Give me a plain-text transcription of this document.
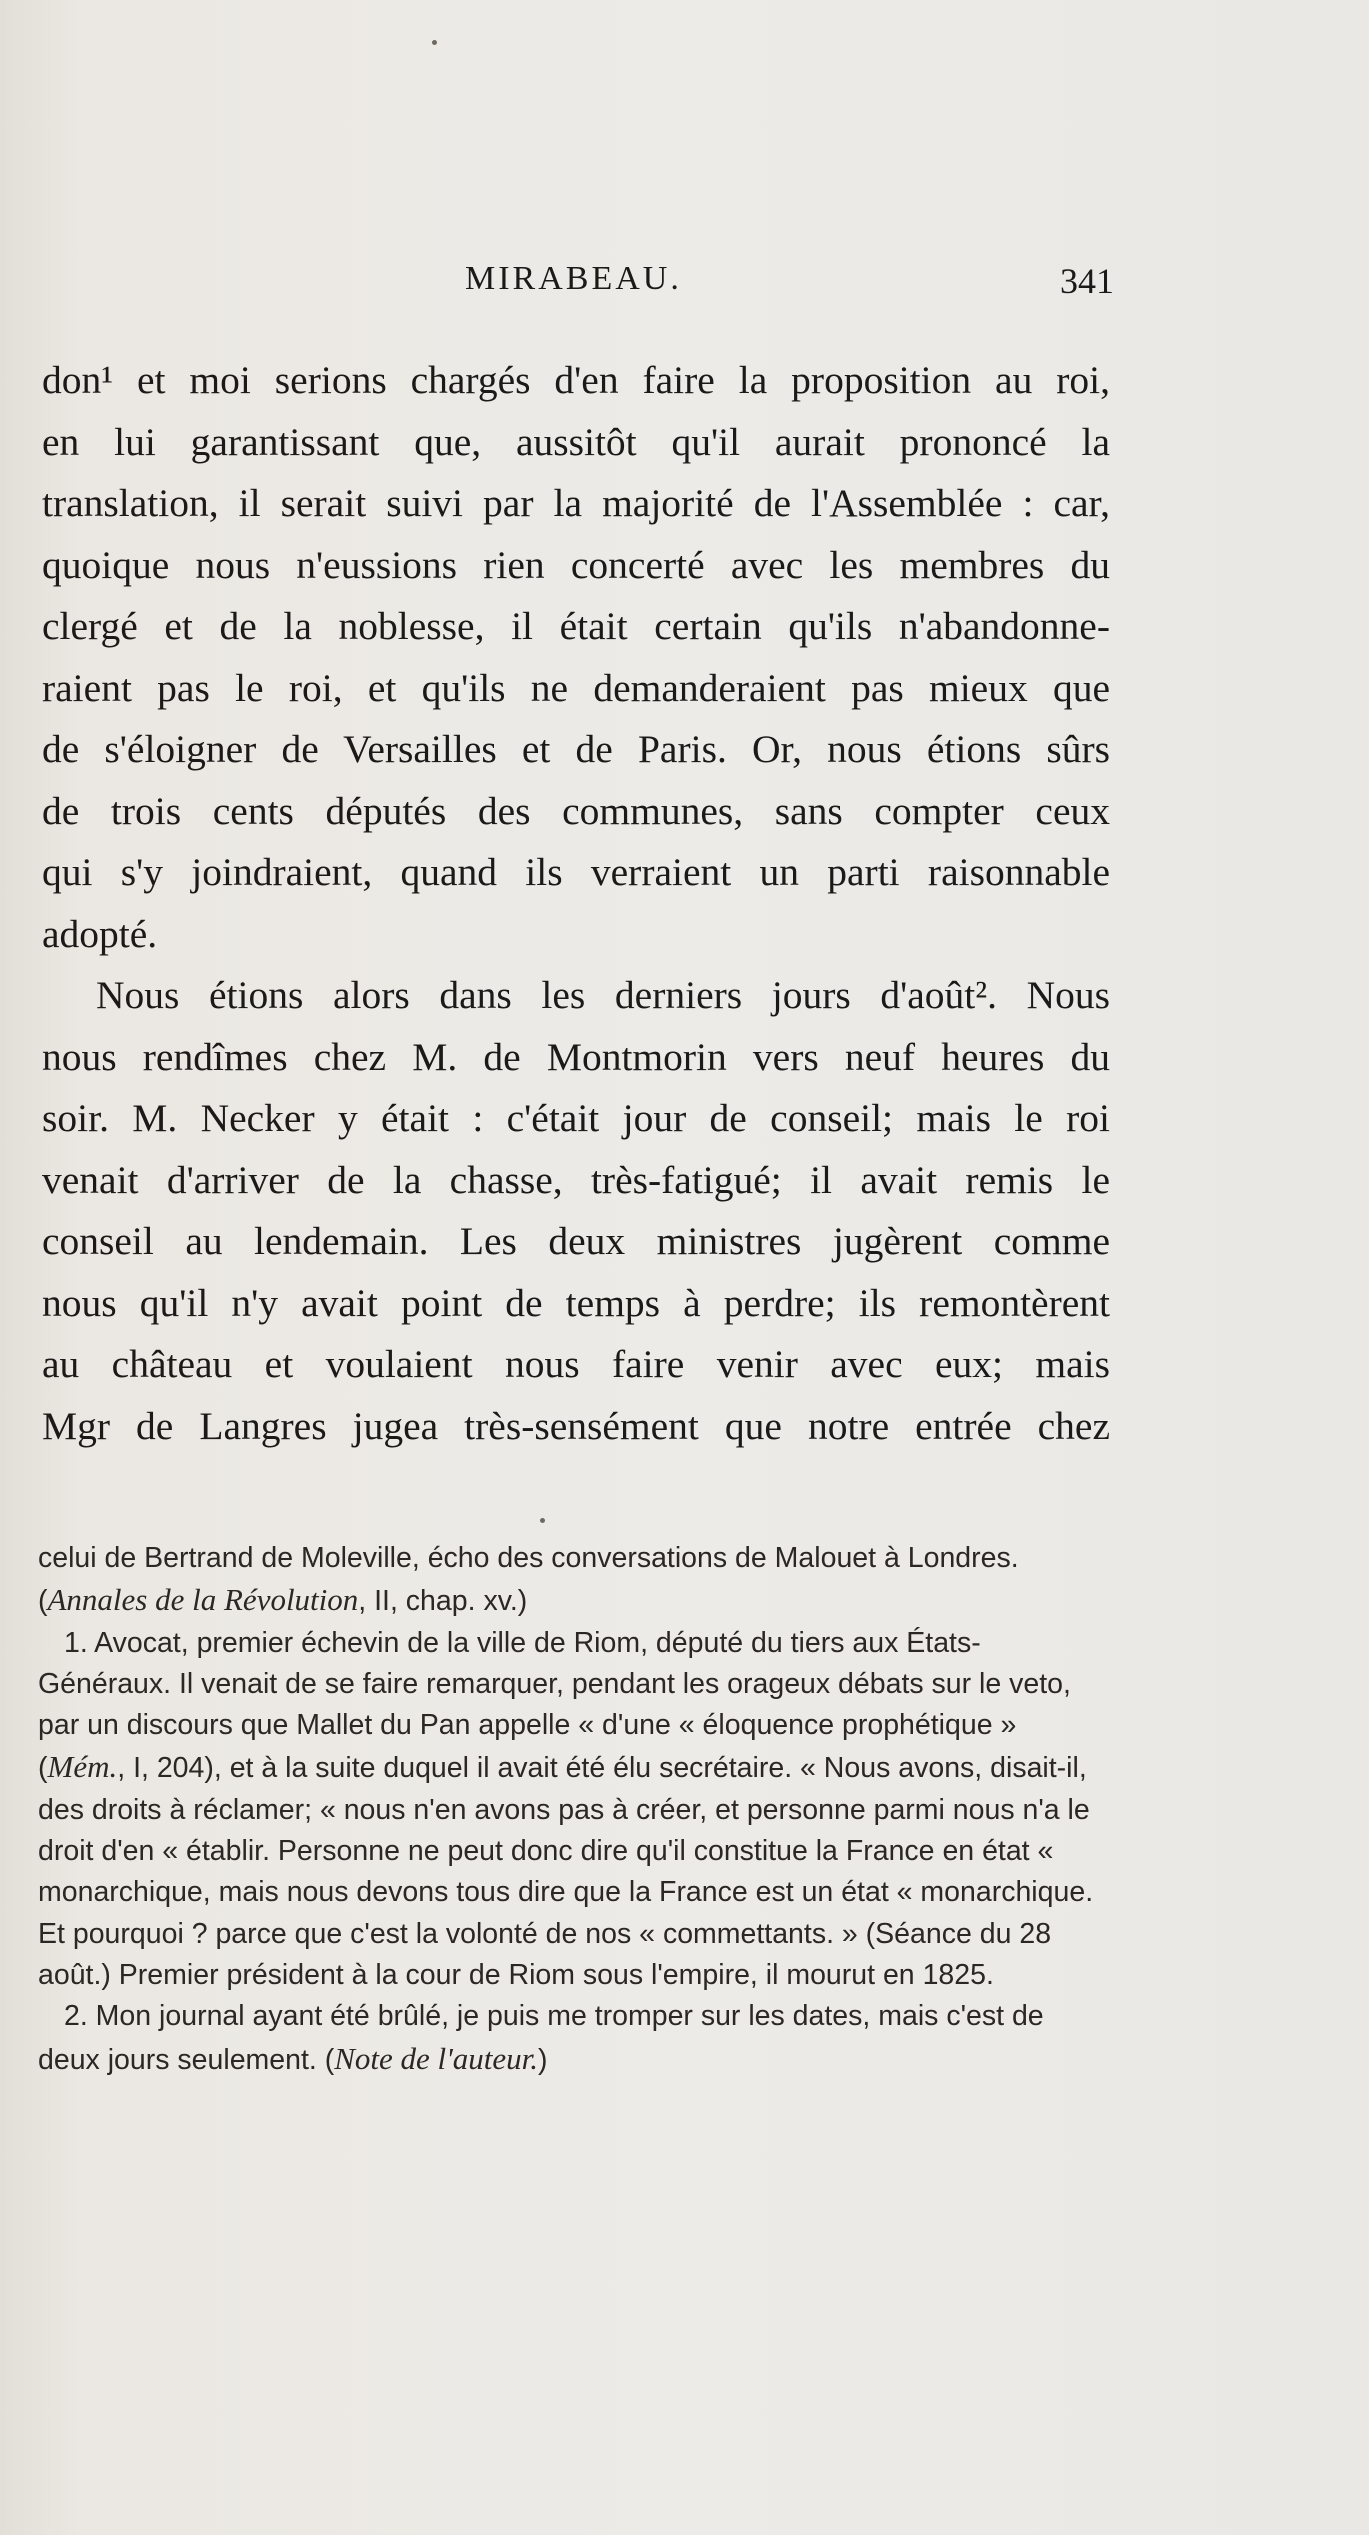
MIRABEAU.	341

don¹ et moi serions chargés d'en faire la proposition au roi,
en lui garantissant que, aussitôt qu'il aurait prononcé la
translation, il serait suivi par la majorité de l'Assemblée : car,
quoique nous n'eussions rien concerté avec les membres du
clergé et de la noblesse, il était certain qu'ils n'abandonne-
raient pas le roi, et qu'ils ne demanderaient pas mieux que
de s'éloigner de Versailles et de Paris. Or, nous étions sûrs
de trois cents députés des communes, sans compter ceux
qui s'y joindraient, quand ils verraient un parti raisonnable
adopté.

Nous étions alors dans les derniers jours d'août². Nous
nous rendîmes chez M. de Montmorin vers neuf heures du
soir. M. Necker y était : c'était jour de conseil; mais le roi
venait d'arriver de la chasse, très-fatigué; il avait remis le
conseil au lendemain. Les deux ministres jugèrent comme
nous qu'il n'y avait point de temps à perdre; ils remontèrent
au château et voulaient nous faire venir avec eux; mais
Mgr de Langres jugea très-sensément que notre entrée chez

celui de Bertrand de Moleville, écho des conversations de Malouet à Londres. (Annales de la Révolution, II, chap. xv.)

1. Avocat, premier échevin de la ville de Riom, député du tiers aux États-Généraux. Il venait de se faire remarquer, pendant les orageux débats sur le veto, par un discours que Mallet du Pan appelle « d'une « éloquence prophétique » (Mém., I, 204), et à la suite duquel il avait été élu secrétaire. « Nous avons, disait-il, des droits à réclamer; « nous n'en avons pas à créer, et personne parmi nous n'a le droit d'en « établir. Personne ne peut donc dire qu'il constitue la France en état « monarchique, mais nous devons tous dire que la France est un état « monarchique. Et pourquoi ? parce que c'est la volonté de nos « commettants. » (Séance du 28 août.) Premier président à la cour de Riom sous l'empire, il mourut en 1825.

2. Mon journal ayant été brûlé, je puis me tromper sur les dates, mais c'est de deux jours seulement. (Note de l'auteur.)
